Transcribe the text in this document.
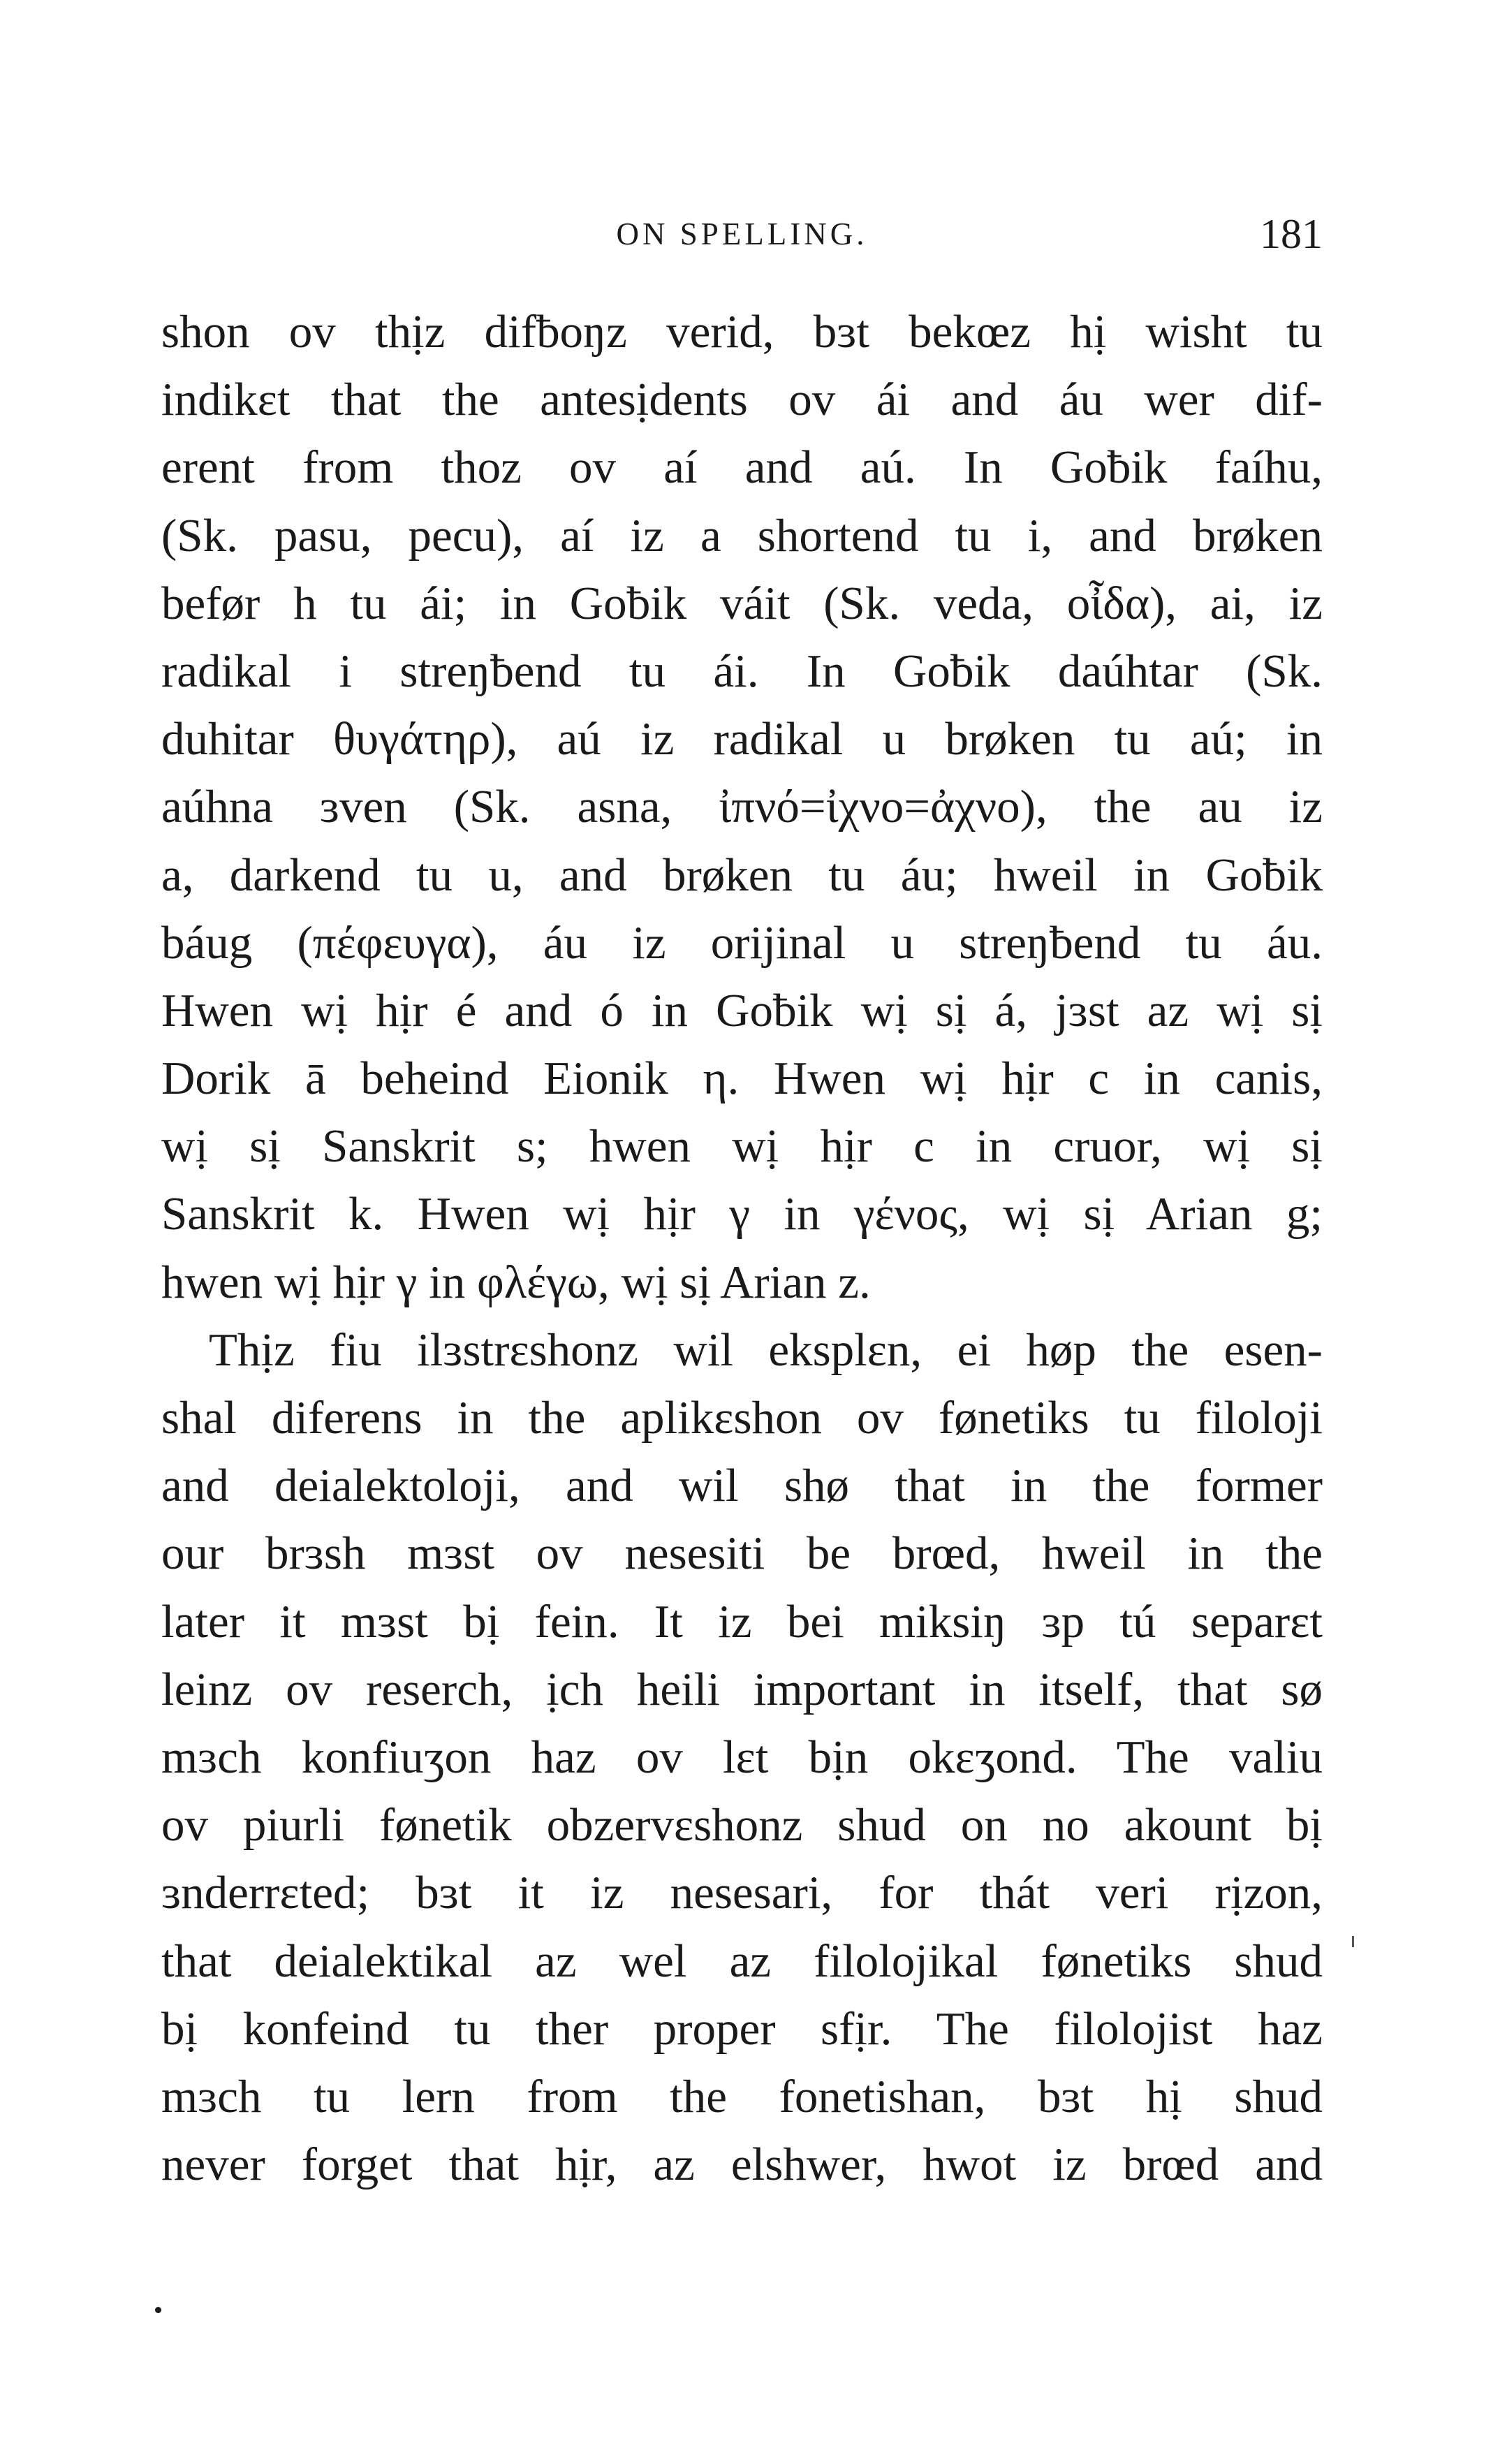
ON SPELLING.	181
shon ov thịz difƀoŋz verid, bɜt bekœz hị wisht tu
indikɛt that the antesịdents ov ái and áu wer dif-
erent from thoz ov aí and aú. In Goƀik faíhu,
(Sk. pasu, pecu), aí iz a shortend tu i, and brøken
befør h tu ái; in Goƀik váit (Sk. veda, οἶδα), ai, iz
radikal i streŋƀend tu ái. In Goƀik daúhtar (Sk.
duhitar θυγάτηρ), aú iz radikal u brøken tu aú; in
aúhna ɜven (Sk. asna, ἰπνό=ἰχνο=ἀχνο), the au iz
a, darkend tu u, and brøken tu áu; hweil in Goƀik
báug (πέφευγα), áu iz orijinal u streŋƀend tu áu.
Hwen wị hịr é and ó in Goƀik wị sị á, jɜst az wị sị
Dorik ā beheind Eionik η. Hwen wị hịr c in canis,
wị sị Sanskrit s; hwen wị hịr c in cruor, wị sị
Sanskrit k. Hwen wị hịr γ in γένος, wị sị Arian g;
hwen wị hịr γ in φλέγω, wị sị Arian z.
Thịz fiu ilɜstrɛshonz wil eksplɛn, ei høp the esen-
shal diferens in the aplikɛshon ov fønetiks tu filoloji
and deialektoloji, and wil shø that in the former
our brɜsh mɜst ov nesesiti be brœd, hweil in the
later it mɜst bị fein. It iz bei miksiŋ ɜp tú separɛt
leinz ov reserch, ịch heili important in itself, that sø
mɜch konfiuʒon haz ov lɛt bịn okɛʒond. The valiu
ov piurli fønetik obzervɛshonz shud on no akount bị
ɜnderrɛted; bɜt it iz nesesari, for thát veri rịzon,
that deialektikal az wel az filolojikal fønetiks shud
bị konfeind tu ther proper sfịr. The filolojist haz
mɜch tu lern from the fonetishan, bɜt hị shud
never forget that hịr, az elshwer, hwot iz brœd and
